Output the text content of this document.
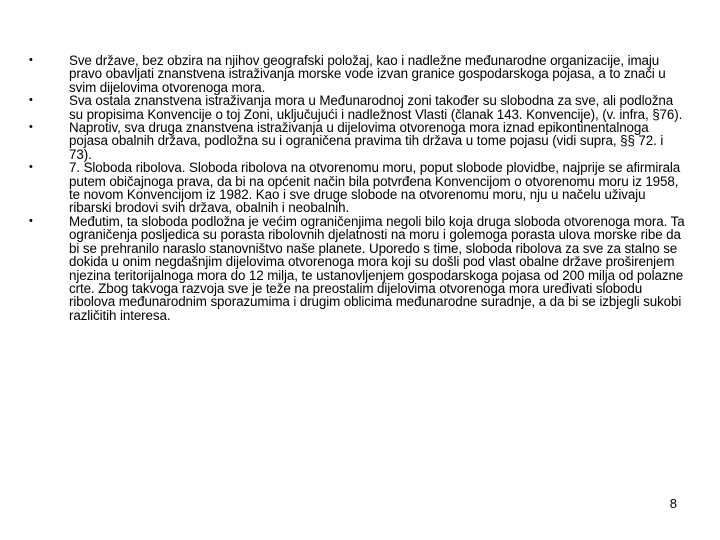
•	Sve države, bez obzira na njihov geografski položaj, kao i nadležne međunarodne organizacije, imaju pravo obavljati znanstvena istraživanja morske vode izvan granice gospodarskoga pojasa, a to znači u svim dijelovima otvorenoga mora.
•	Sva ostala znanstvena istraživanja mora u Međunarodnoj zoni također su slobodna za sve, ali podložna su propisima Konvencije o toj Zoni, uključujući i nadležnost Vlasti (članak 143. Konvencije), (v. infra, §76).
•	Naprotiv, sva druga znanstvena istraživanja u dijelovima otvorenoga mora iznad epikontinentalnoga pojasa obalnih država, podložna su i ograničena pravima tih država u tome pojasu (vidi supra, §§ 72. i 73).
•	7. Sloboda ribolova. Sloboda ribolova na otvorenomu moru, poput slobode plovidbe, najprije se afirmirala putem običajnoga prava, da bi na općenit način bila potvrđena Konvencijom o otvorenomu moru iz 1958, te novom Konvencijom iz 1982. Kao i sve druge slobode na otvorenomu moru, nju u načelu uživaju ribarski brodovi svih država, obalnih i neobalnih.
•	Međutim, ta sloboda podložna je većim ograničenjima negoli bilo koja druga sloboda otvorenoga mora. Ta ograničenja posljedica su porasta ribolovnih djelatnosti na moru i golemoga porasta ulova morske ribe da bi se prehranilo naraslo stanovništvo naše planete. Uporedo s time, sloboda ribolova za sve za stalno se dokida u onim negdašnjim dijelovima otvorenoga mora koji su došli pod vlast obalne države proširenjem njezina teritorijalnoga mora do 12 milja, te ustanovljenjem gospodarskoga pojasa od 200 milja od polazne crte. Zbog takvoga razvoja sve je teže na preostalim dijelovima otvorenoga mora uređivati slobodu ribolova međunarodnim sporazumima i drugim oblicima međunarodne suradnje, a da bi se izbjegli sukobi različitih interesa.
8
